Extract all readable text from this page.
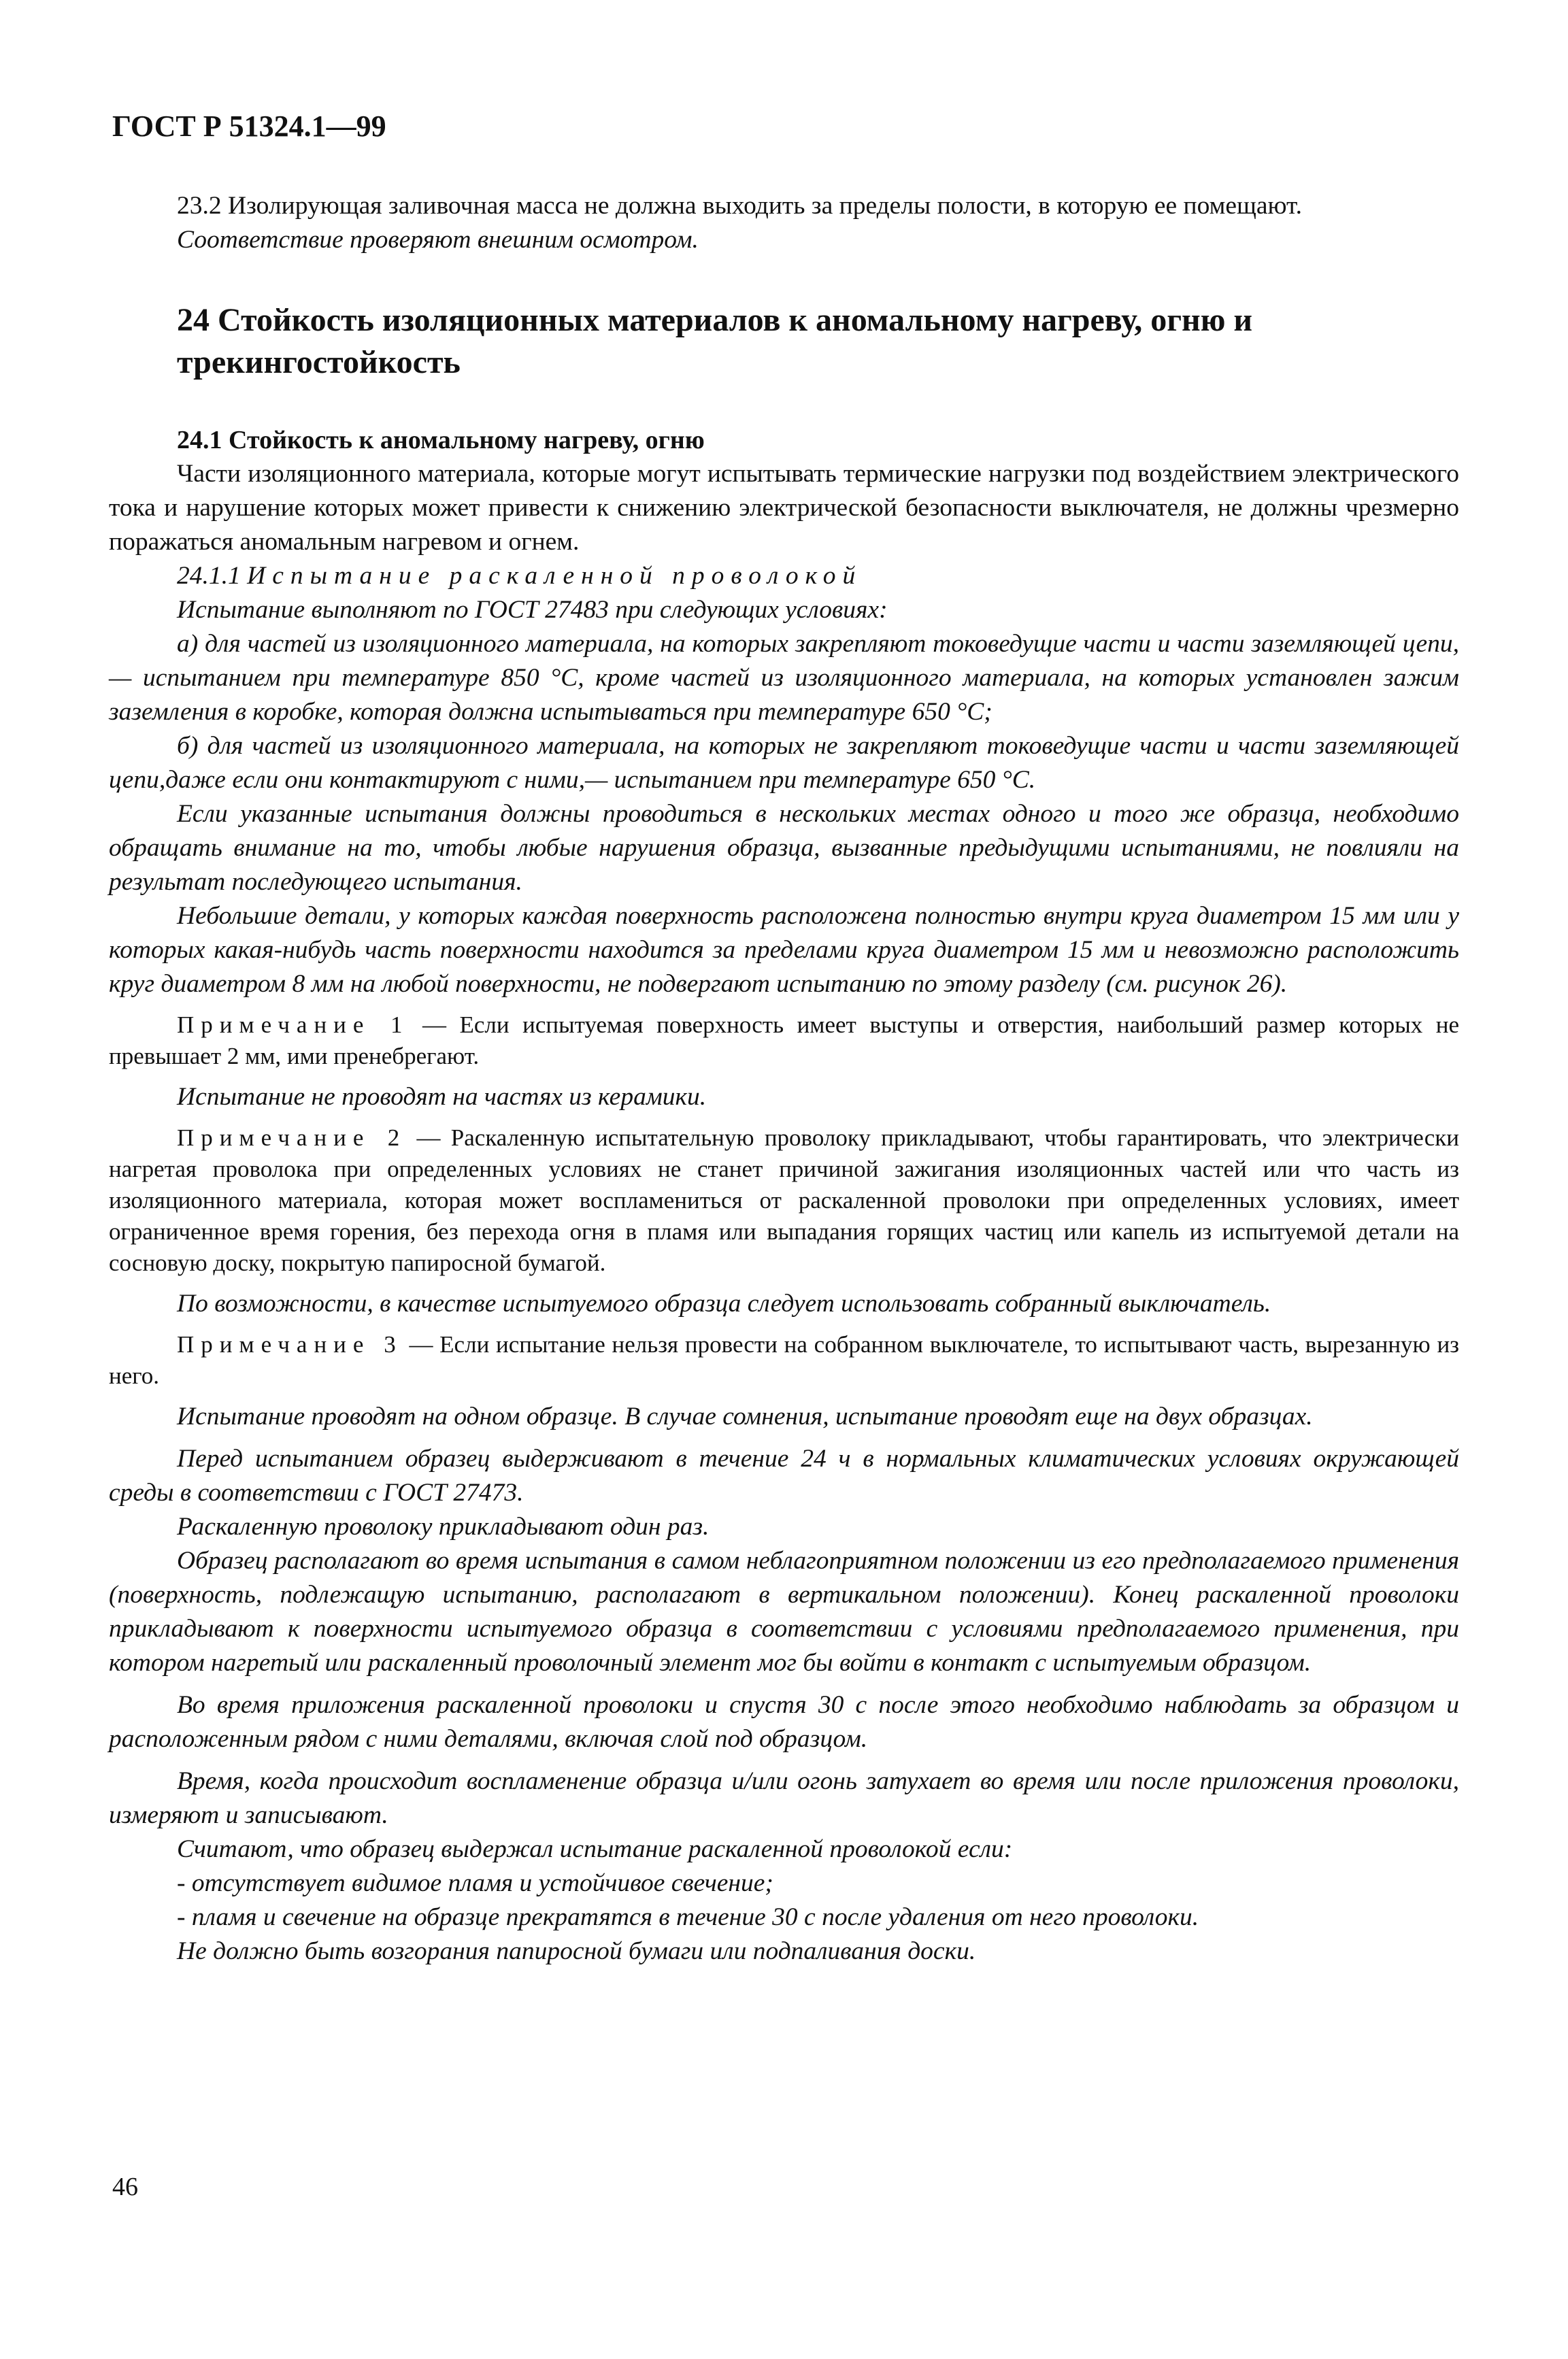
ГОСТ Р 51324.1—99

23.2 Изолирующая заливочная масса не должна выходить за пределы полости, в которую ее помещают.

Соответствие проверяют внешним осмотром.

24 Стойкость изоляционных материалов к аномальному нагреву, огню и трекингостойкость
24.1 Стойкость к аномальному нагреву, огню

Части изоляционного материала, которые могут испытывать термические нагрузки под воздействием электрического тока и нарушение которых может привести к снижению электрической безопасности выключателя, не должны чрезмерно поражаться аномальным нагревом и огнем.

24.1.1 Испытание раскаленной проволокой

Испытание выполняют по ГОСТ 27483 при следующих условиях:

а) для частей из изоляционного материала, на которых закрепляют токоведущие части и части заземляющей цепи,— испытанием при температуре 850 °С, кроме частей из изоляционного материала, на которых установлен зажим заземления в коробке, которая должна испытываться при температуре 650 °С;

б) для частей из изоляционного материала, на которых не закрепляют токоведущие части и части заземляющей цепи,даже если они контактируют с ними,— испытанием при температуре 650 °С.

Если указанные испытания должны проводиться в нескольких местах одного и того же образца, необходимо обращать внимание на то, чтобы любые нарушения образца, вызванные предыдущими испытаниями, не повлияли на результат последующего испытания.

Небольшие детали, у которых каждая поверхность расположена полностью внутри круга диаметром 15 мм или у которых какая-нибудь часть поверхности находится за пределами круга диаметром 15 мм и невозможно расположить круг диаметром 8 мм на любой поверхности, не подвергают испытанию по этому разделу (см. рисунок 26).

Примечание 1 — Если испытуемая поверхность имеет выступы и отверстия, наибольший размер которых не превышает 2 мм, ими пренебрегают.

Испытание не проводят на частях из керамики.

Примечание 2 — Раскаленную испытательную проволоку прикладывают, чтобы гарантировать, что электрически нагретая проволока при определенных условиях не станет причиной зажигания изоляционных частей или что часть из изоляционного материала, которая может воспламениться от раскаленной проволоки при определенных условиях, имеет ограниченное время горения, без перехода огня в пламя или выпадания горящих частиц или капель из испытуемой детали на сосновую доску, покрытую папиросной бумагой.

По возможности, в качестве испытуемого образца следует использовать собранный выключатель.

Примечание 3 — Если испытание нельзя провести на собранном выключателе, то испытывают часть, вырезанную из него.

Испытание проводят на одном образце. В случае сомнения, испытание проводят еще на двух образцах.

Перед испытанием образец выдерживают в течение 24 ч в нормальных климатических условиях окружающей среды в соответствии с ГОСТ 27473.

Раскаленную проволоку прикладывают один раз.

Образец располагают во время испытания в самом неблагоприятном положении из его предполагаемого применения (поверхность, подлежащую испытанию, располагают в вертикальном положении). Конец раскаленной проволоки прикладывают к поверхности испытуемого образца в соответствии с условиями предполагаемого применения, при котором нагретый или раскаленный проволочный элемент мог бы войти в контакт с испытуемым образцом.

Во время приложения раскаленной проволоки и спустя 30 с после этого необходимо наблюдать за образцом и расположенным рядом с ними деталями, включая слой под образцом.

Время, когда происходит воспламенение образца и/или огонь затухает во время или после приложения проволоки, измеряют и записывают.

Считают, что образец выдержал испытание раскаленной проволокой если:

- отсутствует видимое пламя и устойчивое свечение;

- пламя и свечение на образце прекратятся в течение 30 с после удаления от него проволоки.

Не должно быть возгорания папиросной бумаги или подпаливания доски.

46
